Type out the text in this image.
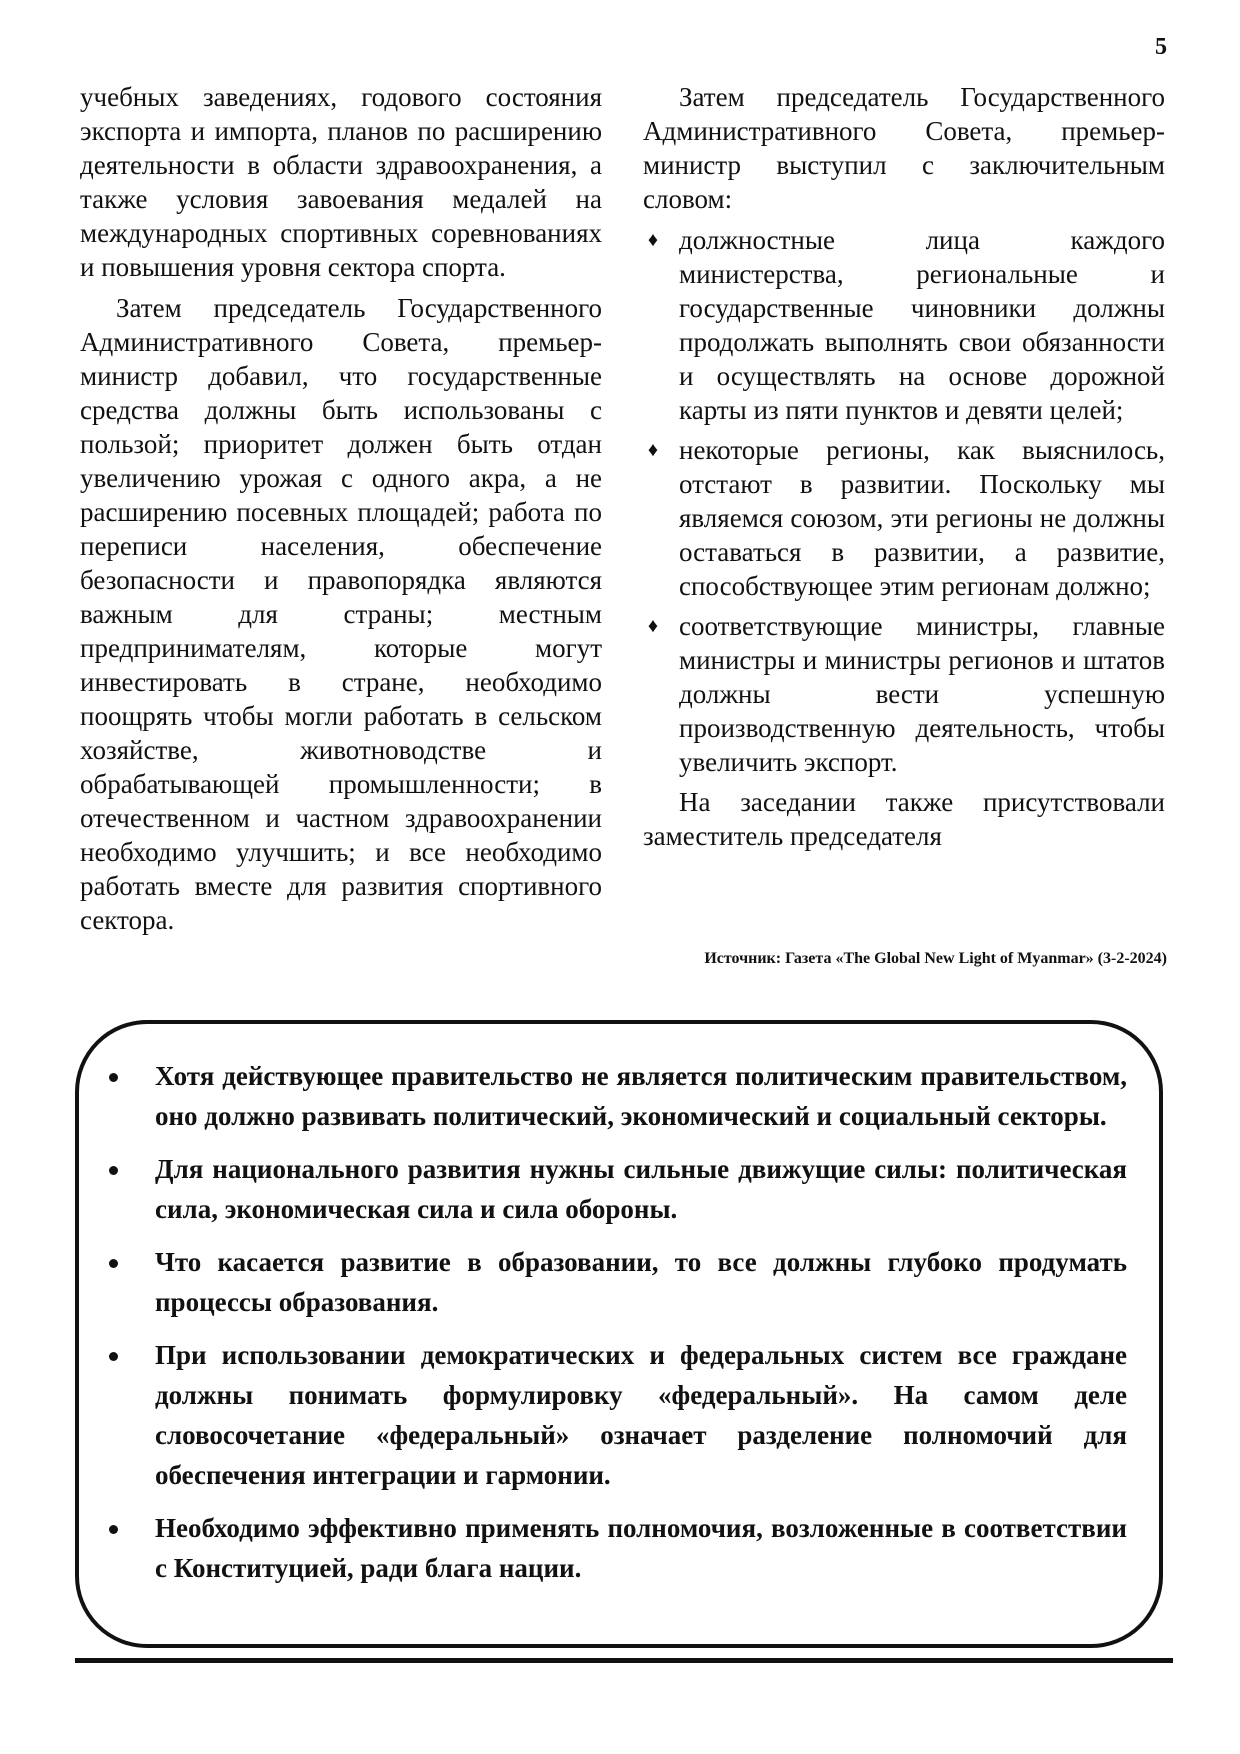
5

учебных заведениях, годового состояния экспорта и импорта, планов по расширению деятельности в области здравоохранения, а также условия завоевания медалей на международных спортивных соревнованиях и повышения уровня сектора спорта.

Затем председатель Государственного Административного Совета, премьер-министр добавил, что государственные средства должны быть использованы с пользой; приоритет должен быть отдан увеличению урожая с одного акра, а не расширению посевных площадей; работа по переписи населения, обеспечение безопасности и правопорядка являются важным для страны; местным предпринимателям, которые могут инвестировать в стране, необходимо поощрять чтобы могли работать в сельском хозяйстве, животноводстве и обрабатывающей промышленности; в отечественном и частном здравоохранении необходимо улучшить; и все необходимо работать вместе для развития спортивного сектора.

Затем председатель Государственного Административного Совета, премьер-министр выступил с заключительным словом:

♦ должностные лица каждого министерства, региональные и государственные чиновники должны продолжать выполнять свои обязанности и осуществлять на основе дорожной карты из пяти пунктов и девяти целей;
♦ некоторые регионы, как выяснилось, отстают в развитии. Поскольку мы являемся союзом, эти регионы не должны оставаться в развитии, а развитие, способствующее этим регионам должно;
♦ соответствующие министры, главные министры и министры регионов и штатов должны вести успешную производственную деятельность, чтобы увеличить экспорт.

На заседании также присутствовали заместитель председателя

Источник: Газета «The Global New Light of Myanmar» (3-2-2024)
Хотя действующее правительство не является политическим правительством, оно должно развивать политический, экономический и социальный секторы.
Для национального развития нужны сильные движущие силы: политическая сила, экономическая сила и сила обороны.
Что касается развитие в образовании, то все должны глубоко продумать процессы образования.
При использовании демократических и федеральных систем все граждане должны понимать формулировку «федеральный». На самом деле словосочетание «федеральный» означает разделение полномочий для обеспечения интеграции и гармонии.
Необходимо эффективно применять полномочия, возложенные в соответствии с Конституцией, ради блага нации.
